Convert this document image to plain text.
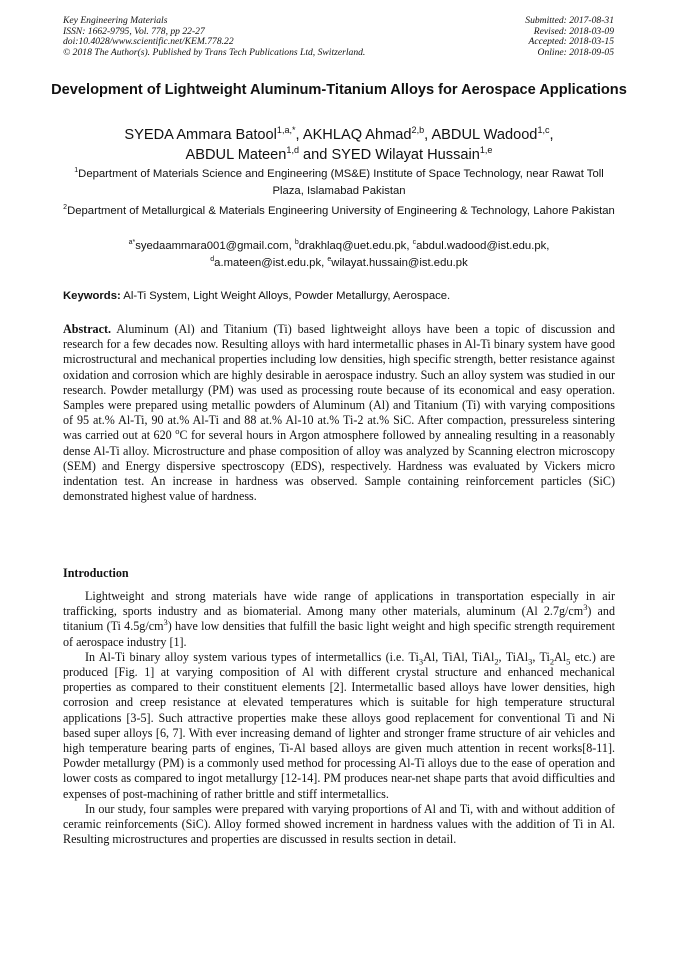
Key Engineering Materials
ISSN: 1662-9795, Vol. 778, pp 22-27
doi:10.4028/www.scientific.net/KEM.778.22
© 2018 The Author(s). Published by Trans Tech Publications Ltd, Switzerland.
Submitted: 2017-08-31
Revised: 2018-03-09
Accepted: 2018-03-15
Online: 2018-09-05
Development of Lightweight Aluminum-Titanium Alloys for Aerospace Applications
SYEDA Ammara Batool$^{1,a,*}$, AKHLAQ Ahmad$^{2,b}$, ABDUL Wadood$^{1,c}$,
ABDUL Mateen$^{1,d}$ and SYED Wilayat Hussain$^{1,e}$
$^1$Department of Materials Science and Engineering (MS&E) Institute of Space Technology, near Rawat Toll Plaza, Islamabad Pakistan
$^2$Department of Metallurgical & Materials Engineering University of Engineering & Technology, Lahore Pakistan
$^{a*}$syedaammara001@gmail.com, $^b$drakhlaq@uet.edu.pk, $^c$abdul.wadood@ist.edu.pk,
$^d$a.mateen@ist.edu.pk, $^e$wilayat.hussain@ist.edu.pk
Keywords: Al-Ti System, Light Weight Alloys, Powder Metallurgy, Aerospace.
Abstract. Aluminum (Al) and Titanium (Ti) based lightweight alloys have been a topic of discussion and research for a few decades now. Resulting alloys with hard intermetallic phases in Al-Ti binary system have good microstructural and mechanical properties including low densities, high specific strength, better resistance against oxidation and corrosion which are highly desirable in aerospace industry. Such an alloy system was studied in our research. Powder metallurgy (PM) was used as processing route because of its economical and easy operation. Samples were prepared using metallic powders of Aluminum (Al) and Titanium (Ti) with varying compositions of 95 at.% Al-Ti, 90 at.% Al-Ti and 88 at.% Al-10 at.% Ti-2 at.% SiC. After compaction, pressureless sintering was carried out at 620 $^o$C for several hours in Argon atmosphere followed by annealing resulting in a reasonably dense Al-Ti alloy. Microstructure and phase composition of alloy was analyzed by Scanning electron microscopy (SEM) and Energy dispersive spectroscopy (EDS), respectively. Hardness was evaluated by Vickers micro indentation test. An increase in hardness was observed. Sample containing reinforcement particles (SiC) demonstrated highest value of hardness.
Introduction

Lightweight and strong materials have wide range of applications in transportation especially in air trafficking, sports industry and as biomaterial. Among many other materials, aluminum (Al $2.7g/cm^3$) and titanium (Ti $4.5g/cm^3$) have low densities that fulfill the basic light weight and high specific strength requirement of aerospace industry [1].

In Al-Ti binary alloy system various types of intermetallics (i.e. $Ti_3Al$, TiAl, TiAl$_2$, TiAl$_3$, $Ti_2Al_5$ etc.) are produced [Fig. 1] at varying composition of Al with different crystal structure and enhanced mechanical properties as compared to their constituent elements [2]. Intermetallic based alloys have lower densities, high corrosion and creep resistance at elevated temperatures which is suitable for high temperature structural applications [3-5]. Such attractive properties make these alloys good replacement for conventional Ti and Ni based super alloys [6, 7]. With ever increasing demand of lighter and stronger frame structure of air vehicles and high temperature bearing parts of engines, Ti-Al based alloys are given much attention in recent works[8-11]. Powder metallurgy (PM) is a commonly used method for processing Al-Ti alloys due to the ease of operation and lower costs as compared to ingot metallurgy [12-14]. PM produces near-net shape parts that avoid difficulties and expenses of post-machining of rather brittle and stiff intermetallics.

In our study, four samples were prepared with varying proportions of Al and Ti, with and without addition of ceramic reinforcements (SiC). Alloy formed showed increment in hardness values with the addition of Ti in Al. Resulting microstructures and properties are discussed in results section in detail.
